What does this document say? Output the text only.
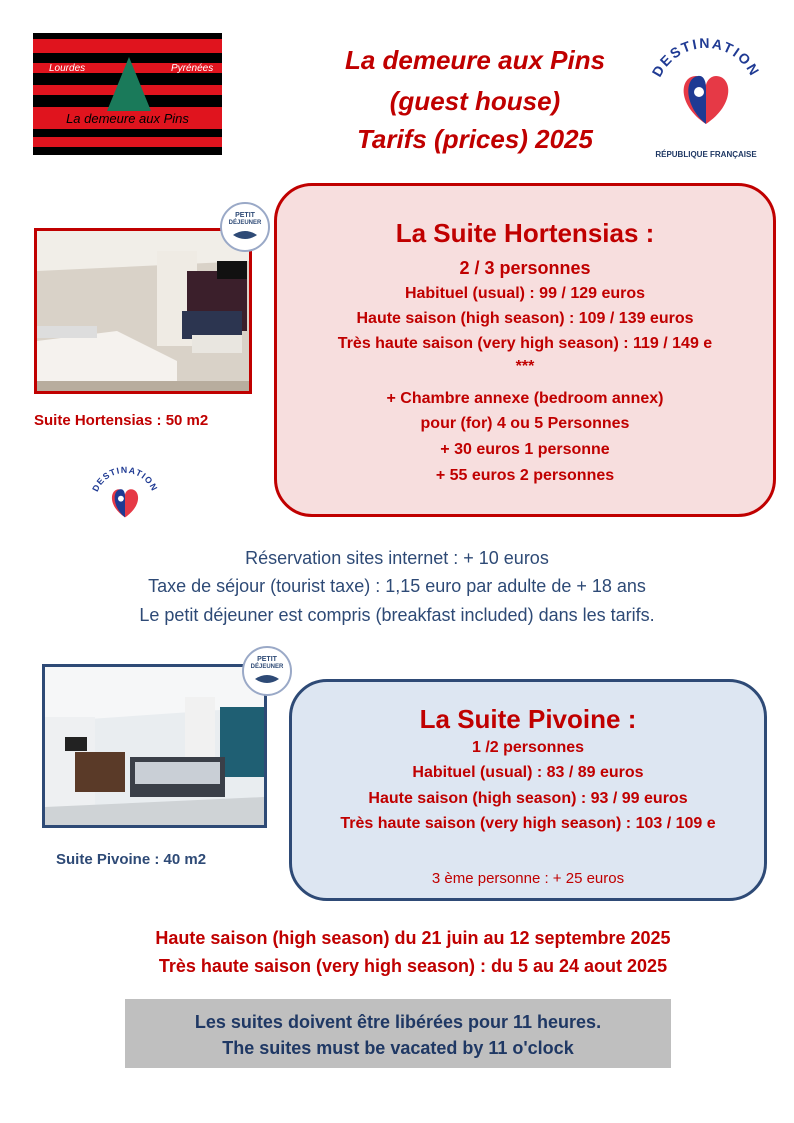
Lourdes	Pyrénées
La demeure aux Pins
La demeure aux Pins
(guest house)
Tarifs (prices) 2025
DESTINATION
RÉPUBLIQUE FRANÇAISE
PETIT
DÉJEUNER
Suite Hortensias : 50 m2
La Suite Hortensias :
2 / 3 personnes
Habituel (usual) : 99 / 129 euros
Haute saison (high season) : 109 / 139 euros
Très haute saison (very high season) : 119 / 149 e
***
+ Chambre annexe (bedroom annex)
pour (for) 4 ou 5 Personnes
+ 30 euros 1 personne
+ 55 euros 2 personnes
DESTINATION
Réservation sites internet : + 10 euros
Taxe de séjour (tourist taxe) : 1,15 euro par adulte de + 18 ans
Le petit déjeuner est compris (breakfast included) dans les tarifs.
PETIT
DÉJEUNER
Suite Pivoine : 40 m2
La Suite Pivoine :
1 /2 personnes
Habituel (usual) : 83 / 89 euros
Haute saison (high season) : 93 / 99 euros
Très haute saison (very high season) : 103 / 109 e
3 ème personne : + 25 euros
Haute saison (high season) du 21 juin au 12 septembre 2025
Très haute saison (very high season) : du 5 au 24 aout 2025
Les suites doivent être libérées pour 11 heures.
The suites must be vacated by 11 o'clock
